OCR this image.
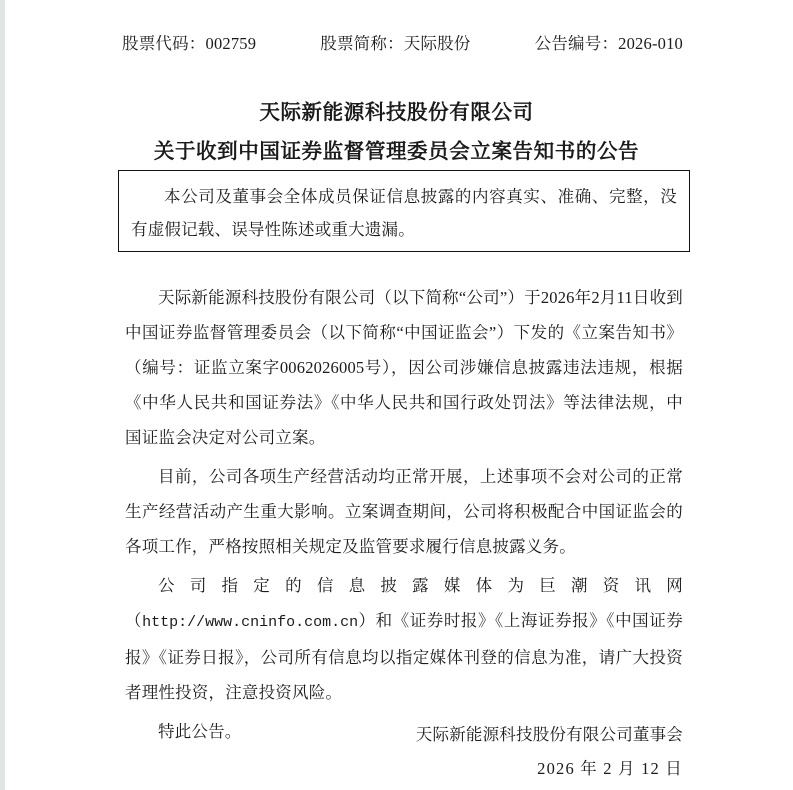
股票代码：002759	股票简称：天际股份	公告编号：2026-010
天际新能源科技股份有限公司
关于收到中国证券监督管理委员会立案告知书的公告
本公司及董事会全体成员保证信息披露的内容真实、准确、完整，没有虚假记载、误导性陈述或重大遗漏。

天际新能源科技股份有限公司（以下简称“公司”）于2026年2月11日收到中国证券监督管理委员会（以下简称“中国证监会”）下发的《立案告知书》（编号：证监立案字0062026005号），因公司涉嫌信息披露违法违规，根据《中华人民共和国证券法》《中华人民共和国行政处罚法》等法律法规，中国证监会决定对公司立案。

目前，公司各项生产经营活动均正常开展，上述事项不会对公司的正常生产经营活动产生重大影响。立案调查期间，公司将积极配合中国证监会的各项工作，严格按照相关规定及监管要求履行信息披露义务。

公司指定的信息披露媒体为巨潮资讯网（http://www.cninfo.com.cn）和《证券时报》《上海证券报》《中国证券报》《证券日报》，公司所有信息均以指定媒体刊登的信息为准，请广大投资者理性投资，注意投资风险。

特此公告。	天际新能源科技股份有限公司董事会
2026 年 2 月 12 日
